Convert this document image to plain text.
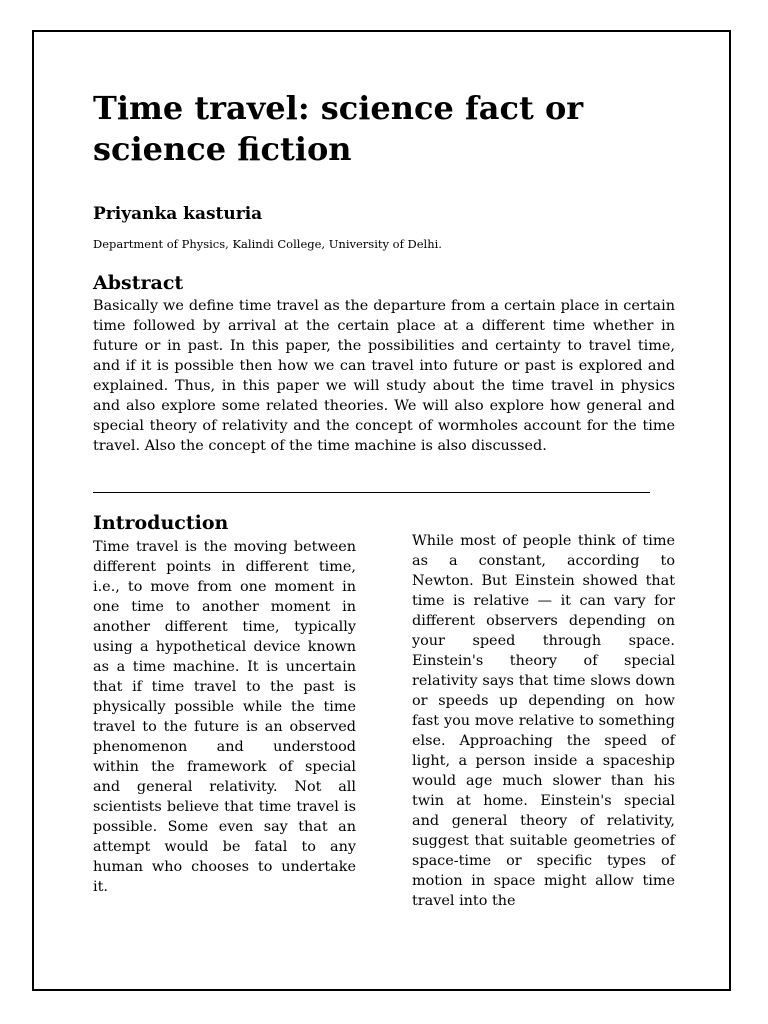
Time travel: science fact or science fiction

Priyanka kasturia

Department of Physics, Kalindi College, University of Delhi.

Abstract

Basically we define time travel as the departure from a certain place in certain time followed by arrival at the certain place at a different time whether in future or in past. In this paper, the possibilities and certainty to travel time, and if it is possible then how we can travel into future or past is explored and explained. Thus, in this paper we will study about the time travel in physics and also explore some related theories. We will also explore how general and special theory of relativity and the concept of wormholes account for the time travel. Also the concept of the time machine is also discussed.

Introduction

Time travel is the moving between different points in different time, i.e., to move from one moment in one time to another moment in another different time, typically using a hypothetical device known as a time machine. It is uncertain that if time travel to the past is physically possible while the time travel to the future is an observed phenomenon and understood within the framework of special and general relativity. Not all scientists believe that time travel is possible. Some even say that an attempt would be fatal to any human who chooses to undertake it.

While most of people think of time as a constant, according to Newton. But Einstein showed that time is relative — it can vary for different observers depending on your speed through space. Einstein's theory of special relativity says that time slows down or speeds up depending on how fast you move relative to something else. Approaching the speed of light, a person inside a spaceship would age much slower than his twin at home. Einstein's special and general theory of relativity, suggest that suitable geometries of space-time or specific types of motion in space might allow time travel into the
